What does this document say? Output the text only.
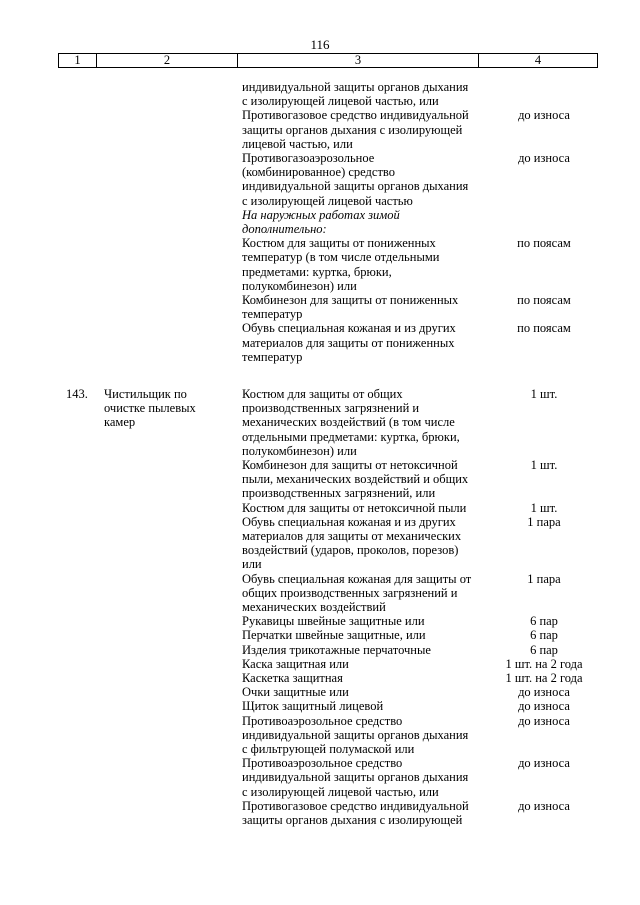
116
1	2	3	4
индивидуальной защиты органов дыхания
с изолирующей лицевой частью, или
Противогазовое средство индивидуальной	до износа
защиты органов дыхания с изолирующей
лицевой частью, или
Противогазоаэрозольное	до износа
(комбинированное) средство
индивидуальной защиты органов дыхания
с изолирующей лицевой частью
На наружных работах зимой
дополнительно:
Костюм для защиты от пониженных	по поясам
температур (в том числе отдельными
предметами: куртка, брюки,
полукомбинезон) или
Комбинезон для защиты от пониженных	по поясам
температур
Обувь специальная кожаная и из других	по поясам
материалов для защиты от пониженных
температур
143. Чистильщик по
очистке пылевых
камер
Костюм для защиты от общих	1 шт.
производственных загрязнений и
механических воздействий (в том числе
отдельными предметами: куртка, брюки,
полукомбинезон) или
Комбинезон для защиты от нетоксичной	1 шт.
пыли, механических воздействий и общих
производственных загрязнений, или
Костюм для защиты от нетоксичной пыли	1 шт.
Обувь специальная кожаная и из других	1 пара
материалов для защиты от механических
воздействий (ударов, проколов, порезов)
или
Обувь специальная кожаная для защиты от	1 пара
общих производственных загрязнений и
механических воздействий
Рукавицы швейные защитные или	6 пар
Перчатки швейные защитные, или	6 пар
Изделия трикотажные перчаточные	6 пар
Каска защитная или	1 шт. на 2 года
Каскетка защитная	1 шт. на 2 года
Очки защитные или	до износа
Щиток защитный лицевой	до износа
Противоаэрозольное средство	до износа
индивидуальной защиты органов дыхания
с фильтрующей полумаской или
Противоаэрозольное средство	до износа
индивидуальной защиты органов дыхания
с изолирующей лицевой частью, или
Противогазовое средство индивидуальной	до износа
защиты органов дыхания с изолирующей
